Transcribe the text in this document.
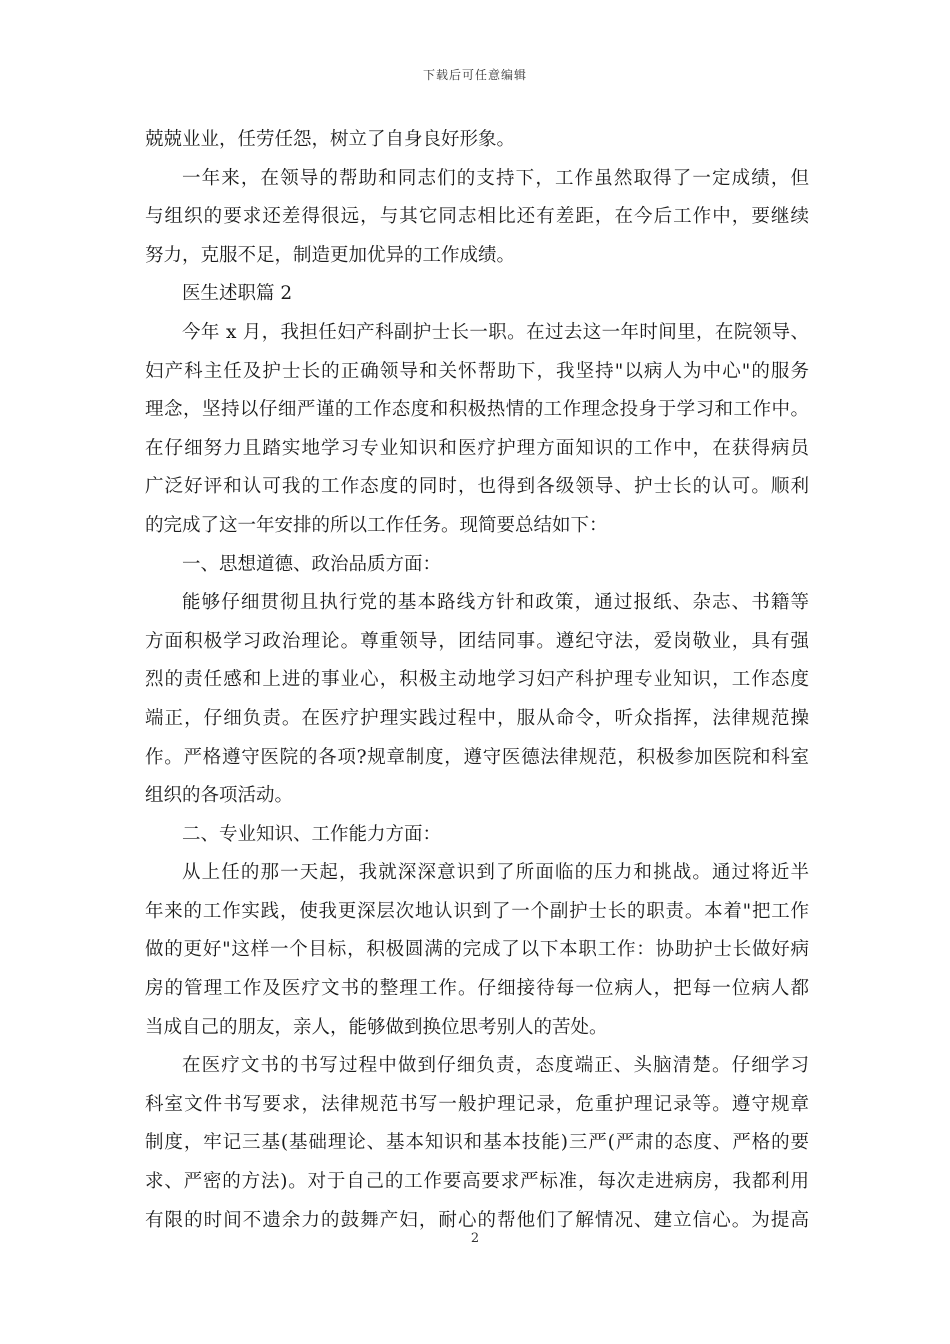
下载后可任意编辑
兢兢业业，任劳任怨，树立了自身良好形象。
一年来，在领导的帮助和同志们的支持下，工作虽然取得了一定成绩，但
与组织的要求还差得很远，与其它同志相比还有差距，在今后工作中，要继续
努力，克服不足，制造更加优异的工作成绩。
医生述职篇 2
今年 x 月，我担任妇产科副护士长一职。在过去这一年时间里，在院领导、
妇产科主任及护士长的正确领导和关怀帮助下，我坚持"以病人为中心"的服务
理念，坚持以仔细严谨的工作态度和积极热情的工作理念投身于学习和工作中。
在仔细努力且踏实地学习专业知识和医疗护理方面知识的工作中，在获得病员
广泛好评和认可我的工作态度的同时，也得到各级领导、护士长的认可。顺利
的完成了这一年安排的所以工作任务。现简要总结如下：
一、思想道德、政治品质方面：
能够仔细贯彻且执行党的基本路线方针和政策，通过报纸、杂志、书籍等
方面积极学习政治理论。尊重领导，团结同事。遵纪守法，爱岗敬业，具有强
烈的责任感和上进的事业心，积极主动地学习妇产科护理专业知识，工作态度
端正，仔细负责。在医疗护理实践过程中，服从命令，听众指挥，法律规范操
作。严格遵守医院的各项?规章制度，遵守医德法律规范，积极参加医院和科室
组织的各项活动。
二、专业知识、工作能力方面：
从上任的那一天起，我就深深意识到了所面临的压力和挑战。通过将近半
年来的工作实践，使我更深层次地认识到了一个副护士长的职责。本着"把工作
做的更好"这样一个目标，积极圆满的完成了以下本职工作：协助护士长做好病
房的管理工作及医疗文书的整理工作。仔细接待每一位病人，把每一位病人都
当成自己的朋友，亲人，能够做到换位思考别人的苦处。
在医疗文书的书写过程中做到仔细负责，态度端正、头脑清楚。仔细学习
科室文件书写要求，法律规范书写一般护理记录，危重护理记录等。遵守规章
制度，牢记三基(基础理论、基本知识和基本技能)三严(严肃的态度、严格的要
求、严密的方法)。对于自己的工作要高要求严标准，每次走进病房，我都利用
有限的时间不遗余力的鼓舞产妇，耐心的帮他们了解情况、建立信心。为提高
2
